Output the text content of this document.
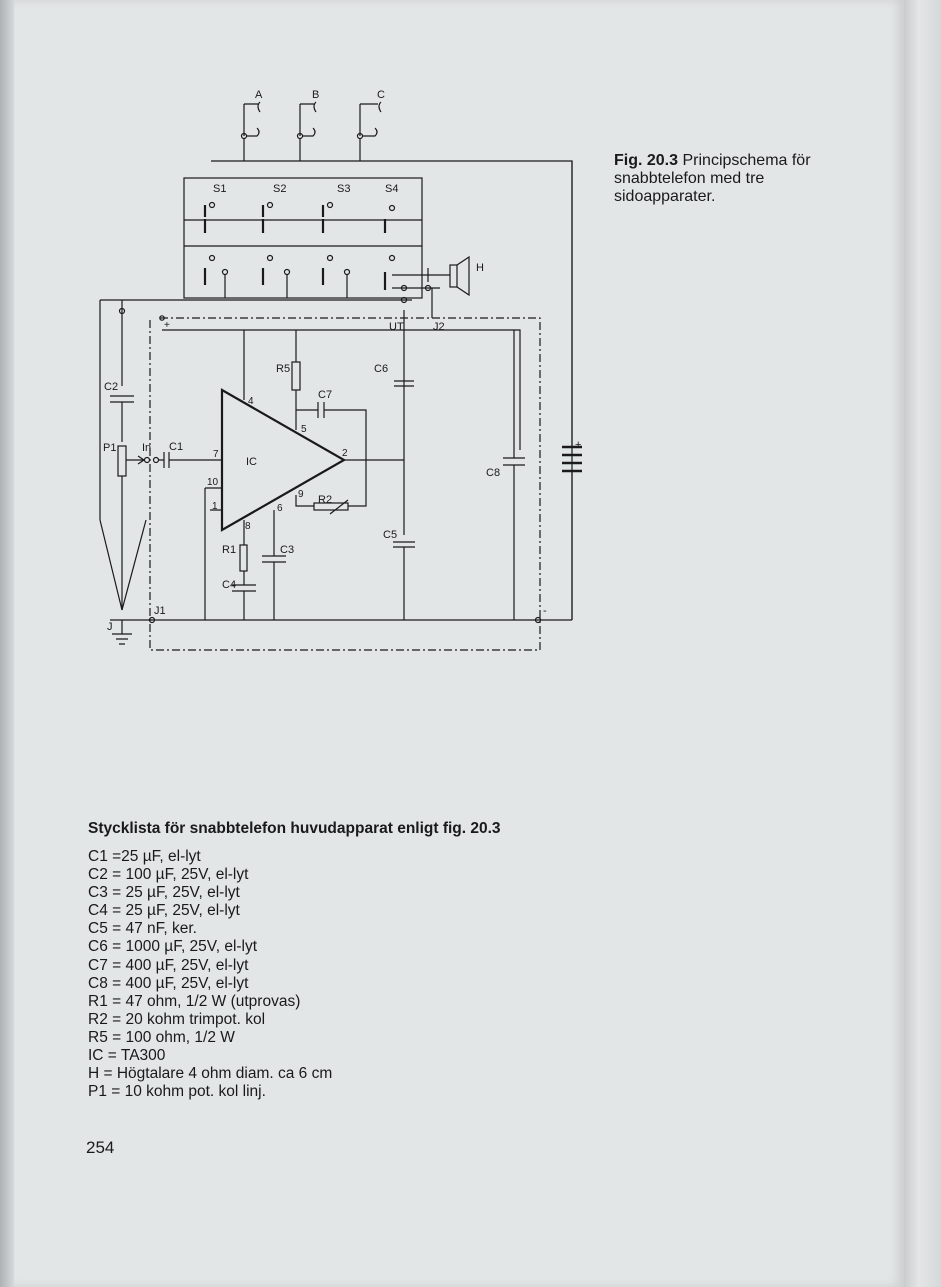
A	B	C
S1	S2	S3	S4
H
UT	J2
+
C2
P1 In C1
IC
4
5
7	2
10
1
9
6
8
R5
C7
C6
R2
C5
R1
C4
C3
C8
+
-
J1
J
Fig. 20.3 Principschema för snabbtelefon med tre sidoapparater.
Stycklista för snabbtelefon huvudapparat enligt fig. 20.3
C1 =25 µF, el-lyt
C2 = 100 µF, 25V, el-lyt
C3 = 25 µF, 25V, el-lyt
C4 = 25 µF, 25V, el-lyt
C5 = 47 nF, ker.
C6 = 1000 µF, 25V, el-lyt
C7 = 400 µF, 25V, el-lyt
C8 = 400 µF, 25V, el-lyt
R1 = 47 ohm, 1/2 W (utprovas)
R2 = 20 kohm trimpot. kol
R5 = 100 ohm, 1/2 W
IC = TA300
H = Högtalare 4 ohm diam. ca 6 cm
P1 = 10 kohm pot. kol linj.
254
